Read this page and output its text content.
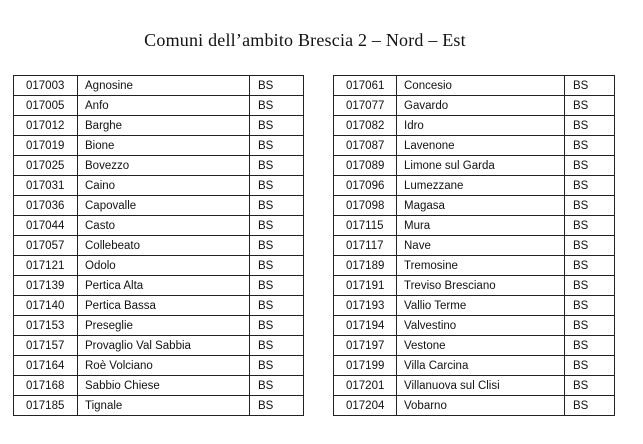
Comuni dell’ambito Brescia 2 – Nord – Est
017003	Agnosine	BS
017005	Anfo	BS
017012	Barghe	BS
017019	Bione	BS
017025	Bovezzo	BS
017031	Caino	BS
017036	Capovalle	BS
017044	Casto	BS
017057	Collebeato	BS
017061	Concesio	BS
017077	Gavardo	BS
017082	Idro	BS
017087	Lavenone	BS
017089	Limone sul Garda	BS
017096	Lumezzane	BS
017098	Magasa	BS
017115	Mura	BS
017117	Nave	BS
017121	Odolo	BS
017139	Pertica Alta	BS
017140	Pertica Bassa	BS
017153	Preseglie	BS
017157	Provaglio Val Sabbia	BS
017164	Roè Volciano	BS
017168	Sabbio Chiese	BS
017185	Tignale	BS
017189	Tremosine	BS
017191	Treviso Bresciano	BS
017193	Vallio Terme	BS
017194	Valvestino	BS
017197	Vestone	BS
017199	Villa Carcina	BS
017201	Villanuova sul Clisi	BS
017204	Vobarno	BS
